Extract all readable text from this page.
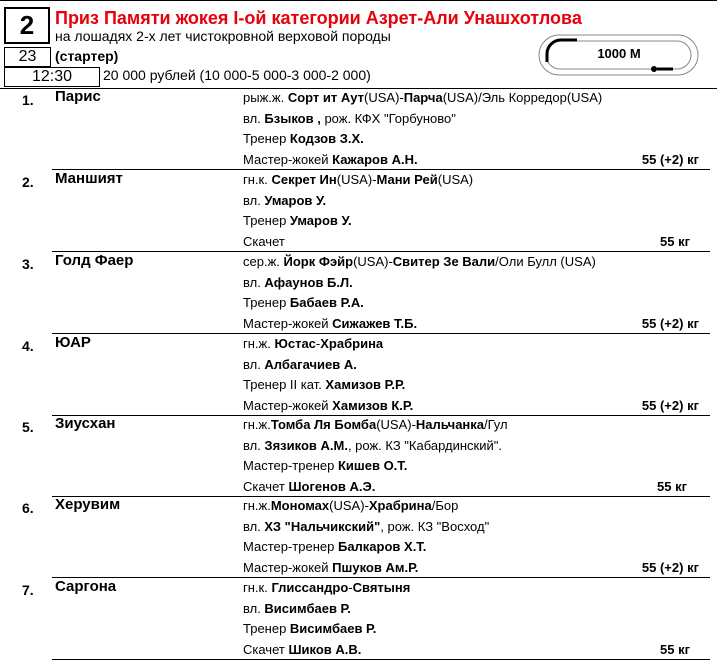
2
23
12:30
Приз Памяти жокея I-ой категории Азрет-Али Унашхотлова
на лошадях 2-х лет чистокровной верховой породы
(стартер)
20 000 рублей (10 000-5 000-3 000-2 000)
1000 М
1. Парис	рыж.ж. Сорт ит Аут(USA)-Парча(USA)/Эль Корредор(USA)
вл. Бзыков , рож. КФХ "Горбуново"
Тренер Кодзов З.Х.
Мастер-жокей Кажаров А.Н.	55 (+2) кг
2. Маншият	гн.к. Секрет Ин(USA)-Мани Рей(USA)
вл. Умаров У.
Тренер Умаров У.
Скачет	55 кг
3. Голд Фаер	сер.ж. Йорк Фэйр(USA)-Свитер Зе Вали/Оли Булл (USA)
вл. Афаунов Б.Л.
Тренер Бабаев Р.А.
Мастер-жокей Сижажев Т.Б.	55 (+2) кг
4. ЮАР	гн.ж. Юстас-Храбрина
вл. Албагачиев А.
Тренер II кат. Хамизов Р.Р.
Мастер-жокей Хамизов К.Р.	55 (+2) кг
5. Зиусхан	гн.ж.Томба Ля Бомба(USA)-Нальчанка/Гул
вл. Зязиков А.М., рож. КЗ "Кабардинский".
Мастер-тренер Кишев О.Т.
Скачет Шогенов А.Э.	55 кг
6. Херувим	гн.ж.Мономах(USA)-Храбрина/Бор
вл. ХЗ "Нальчикский", рож. КЗ "Восход"
Мастер-тренер Балкаров Х.Т.
Мастер-жокей Пшуков Ам.Р.	55 (+2) кг
7. Саргона	гн.к. Глиссандро-Святыня
вл. Висимбаев Р.
Тренер Висимбаев Р.
Скачет Шиков А.В.	55 кг
